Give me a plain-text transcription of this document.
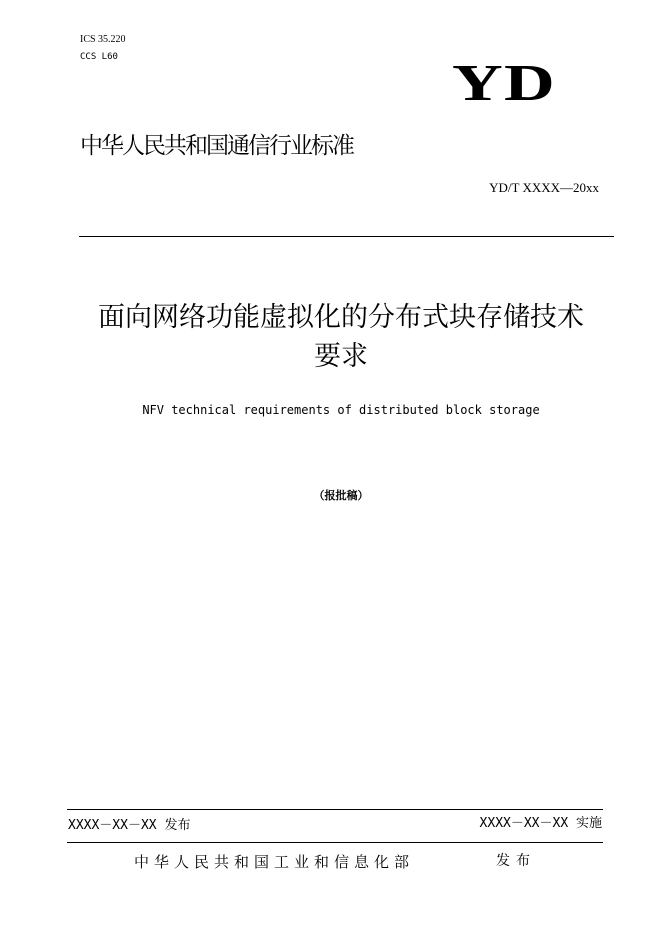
ICS 35.220
CCS L60	YD
中华人民共和国通信行业标准
YD/T XXXX—20xx
面向网络功能虚拟化的分布式块存储技术
要求
NFV technical requirements of distributed block storage
（报批稿）
XXXX－XX－XX 发布	XXXX－XX－XX 实施
中华人民共和国工业和信息化部	发布
